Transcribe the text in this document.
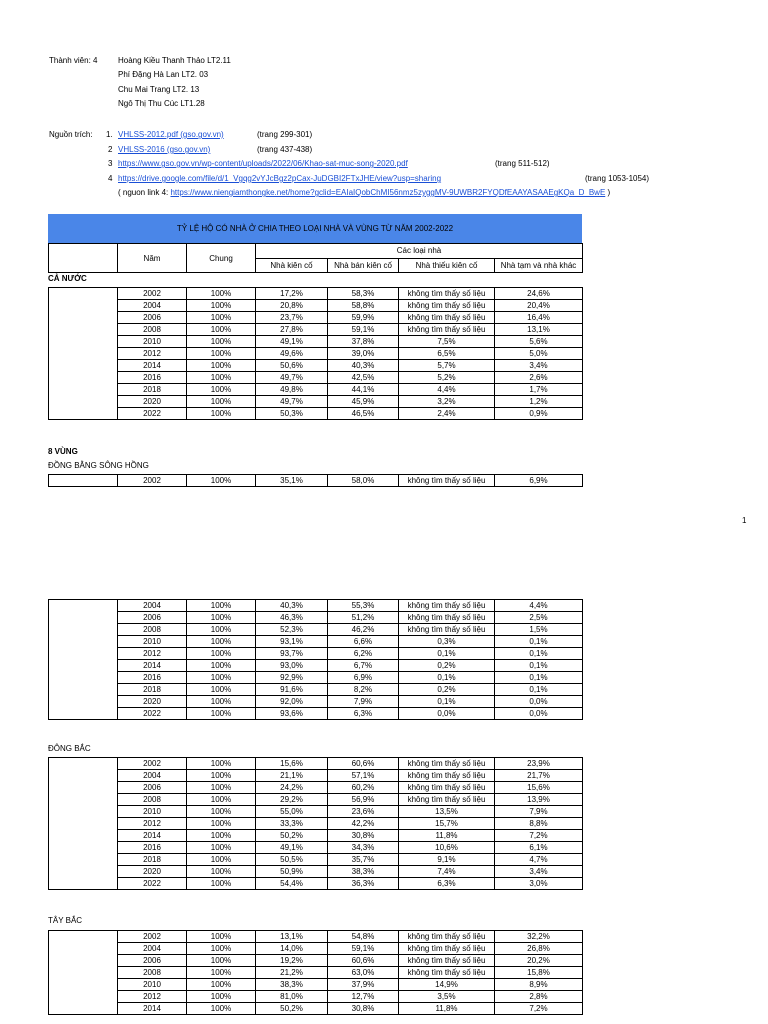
Thành viên: 4	Hoàng Kiều Thanh Thảo LT2.11
Phí Đặng Hà Lan LT2. 03
Chu Mai Trang LT2. 13
Ngô Thị Thu Cúc LT1.28
Nguồn trích: 1. VHLSS-2012.pdf (gso.gov.vn)	(trang 299-301)
2 VHLSS-2016 (gso.gov.vn)	(trang 437-438)
3 https://www.gso.gov.vn/wp-content/uploads/2022/06/Khao-sat-muc-song-2020.pdf	(trang 511-512)
4 https://drive.google.com/file/d/1_Vgqg2vYJcBgz2pCax-JuDGBI2FTxJHE/view?usp=sharing	(trang 1053-1054)
( nguon link 4: https://www.niengiamthongke.net/home?gclid=EAIaIQobChMI56nmz5zyggMV-9UWBR2FYQDfEAAYASAAEgKQa_D_BwE )
TỶ LỆ HỘ CÓ NHÀ Ở CHIA THEO LOẠI NHÀ VÀ VÙNG TỪ NĂM 2002-2022
	Năm	Chung	Các loại nhà			
			Nhà kiên cố	Nhà bán kiên cố	Nhà thiếu kiên cố	Nhà tạm và nhà khác
CẢ NƯỚC
	2002	100%	17,2%	58,3%	không tìm thấy số liệu	24,6%
	2004	100%	20,8%	58,8%	không tìm thấy số liệu	20,4%
	2006	100%	23,7%	59,9%	không tìm thấy số liệu	16,4%
	2008	100%	27,8%	59,1%	không tìm thấy số liệu	13,1%
	2010	100%	49,1%	37,8%	7,5%	5,6%
	2012	100%	49,6%	39,0%	6,5%	5,0%
	2014	100%	50,6%	40,3%	5,7%	3,4%
	2016	100%	49,7%	42,5%	5,2%	2,6%
	2018	100%	49,8%	44,1%	4,4%	1,7%
	2020	100%	49,7%	45,9%	3,2%	1,2%
	2022	100%	50,3%	46,5%	2,4%	0,9%
8 VÙNG
ĐỒNG BẰNG SÔNG HỒNG
	2002	100%	35,1%	58,0%	không tìm thấy số liệu	6,9%
1
	2004	100%	40,3%	55,3%	không tìm thấy số liệu	4,4%
	2006	100%	46,3%	51,2%	không tìm thấy số liệu	2,5%
	2008	100%	52,3%	46,2%	không tìm thấy số liệu	1,5%
	2010	100%	93,1%	6,6%	0,3%	0,1%
	2012	100%	93,7%	6,2%	0,1%	0,1%
	2014	100%	93,0%	6,7%	0,2%	0,1%
	2016	100%	92,9%	6,9%	0,1%	0,1%
	2018	100%	91,6%	8,2%	0,2%	0,1%
	2020	100%	92,0%	7,9%	0,1%	0,0%
	2022	100%	93,6%	6,3%	0,0%	0,0%
ĐÔNG BẮC
	2002	100%	15,6%	60,6%	không tìm thấy số liệu	23,9%
	2004	100%	21,1%	57,1%	không tìm thấy số liệu	21,7%
	2006	100%	24,2%	60,2%	không tìm thấy số liệu	15,6%
	2008	100%	29,2%	56,9%	không tìm thấy số liệu	13,9%
	2010	100%	55,0%	23,6%	13,5%	7,9%
	2012	100%	33,3%	42,2%	15,7%	8,8%
	2014	100%	50,2%	30,8%	11,8%	7,2%
	2016	100%	49,1%	34,3%	10,6%	6,1%
	2018	100%	50,5%	35,7%	9,1%	4,7%
	2020	100%	50,9%	38,3%	7,4%	3,4%
	2022	100%	54,4%	36,3%	6,3%	3,0%
TÂY BẮC
	2002	100%	13,1%	54,8%	không tìm thấy số liệu	32,2%
	2004	100%	14,0%	59,1%	không tìm thấy số liệu	26,8%
	2006	100%	19,2%	60,6%	không tìm thấy số liệu	20,2%
	2008	100%	21,2%	63,0%	không tìm thấy số liệu	15,8%
	2010	100%	38,3%	37,9%	14,9%	8,9%
	2012	100%	81,0%	12,7%	3,5%	2,8%
	2014	100%	50,2%	30,8%	11,8%	7,2%
